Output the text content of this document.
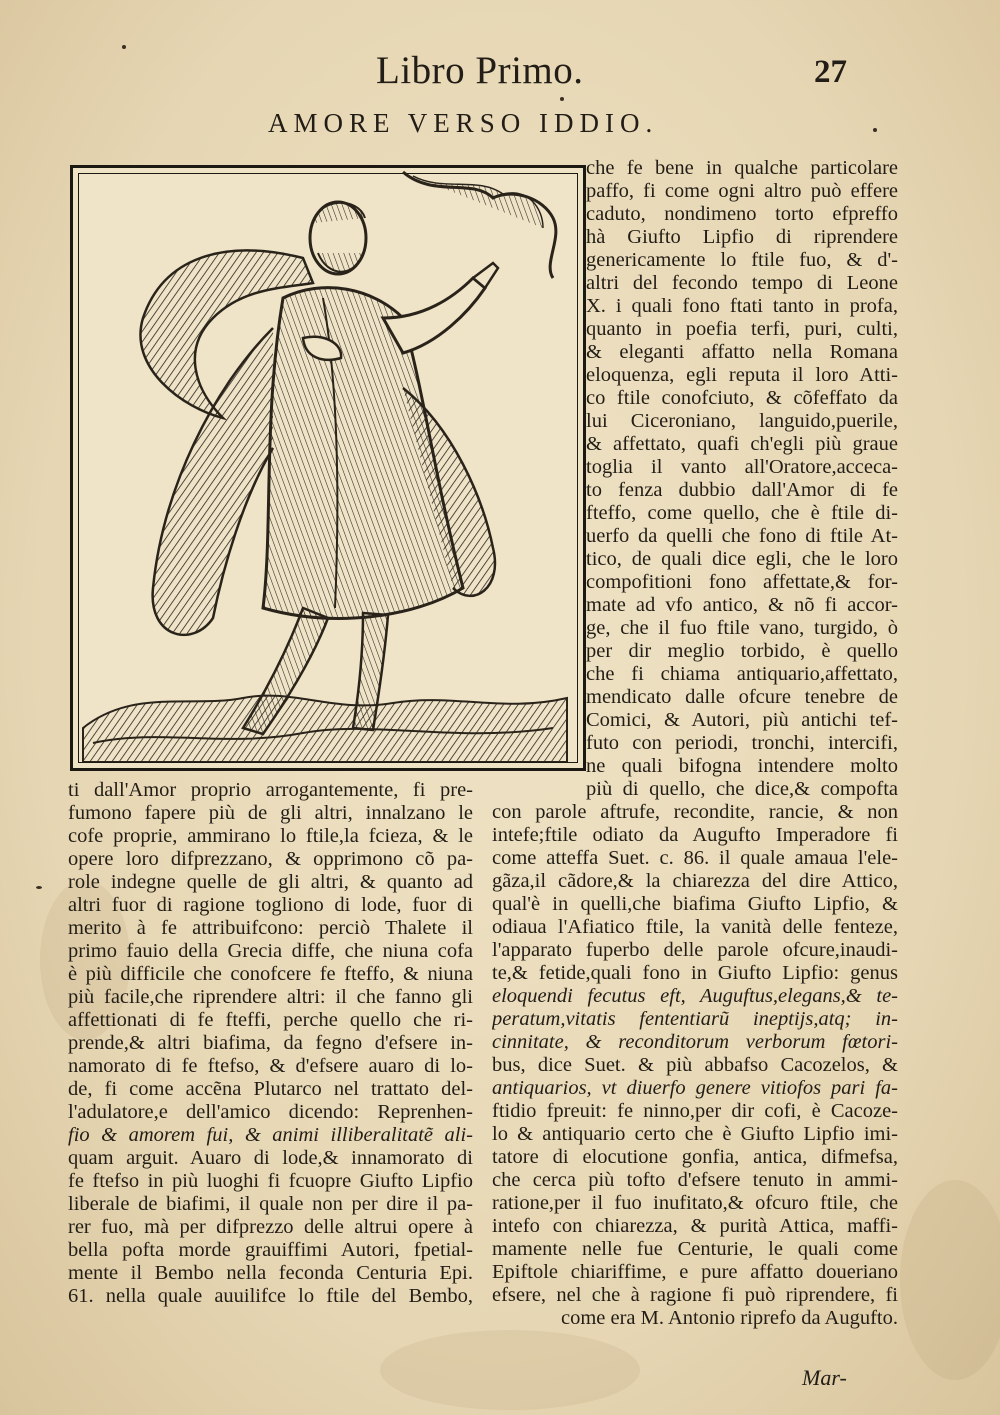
Libro Primo.	27
AMORE VERSO IDDIO.
che fe bene in qualche particolare
paffo, fi come ogni altro può effere
caduto, nondimeno torto efpreffo
hà Giufto Lipfio di riprendere
genericamente lo ftile fuo, & d'-
altri del fecondo tempo di Leone
X. i quali fono ftati tanto in profa,
quanto in poefia terfi, puri, culti,
& eleganti affatto nella Romana
eloquenza, egli reputa il loro Atti-
co ftile conofciuto, & cõfeffato da
lui Ciceroniano, languido,puerile,
& affettato, quafi ch'egli più graue
toglia il vanto all'Oratore,acceca-
to fenza dubbio dall'Amor di fe
fteffo, come quello, che è ftile di-
uerfo da quelli che fono di ftile At-
tico, de quali dice egli, che le loro
compofitioni fono affettate,& for-
mate ad vfo antico, & nõ fi accor-
ge, che il fuo ftile vano, turgido, ò
per dir meglio torbido, è quello
che fi chiama antiquario,affettato,
mendicato dalle ofcure tenebre de
Comici, & Autori, più antichi tef-
futo con periodi, tronchi, intercifi,
ne quali bifogna intendere molto
più di quello, che dice,& compofta
ti dall'Amor proprio arrogantemente, fi pre-
fumono fapere più de gli altri, innalzano le
cofe proprie, ammirano lo ftile,la fcieza, & le
opere loro difprezzano, & opprimono cõ pa-
role indegne quelle de gli altri, & quanto ad
altri fuor di ragione togliono di lode, fuor di
merito à fe attribuifcono: perciò Thalete il
primo fauio della Grecia diffe, che niuna cofa
è più difficile che conofcere fe fteffo, & niuna
più facile,che riprendere altri: il che fanno gli
affettionati di fe fteffi, perche quello che ri-
prende,& altri biafima, da fegno d'efsere in-
namorato di fe ftefso, & d'efsere auaro di lo-
de, fi come accẽna Plutarco nel trattato del-
l'adulatore,e dell'amico dicendo: Reprenhen-
fio & amorem fui, & animi illiberalitatẽ ali-
quam arguit. Auaro di lode,& innamorato di
fe ftefso in più luoghi fi fcuopre Giufto Lipfio
liberale de biafimi, il quale non per dire il pa-
rer fuo, mà per difprezzo delle altrui opere à
bella pofta morde grauiffimi Autori, fpetial-
mente il Bembo nella feconda Centuria Epi.
61. nella quale auuilifce lo ftile del Bembo,
con parole aftrufe, recondite, rancie, & non
intefe;ftile odiato da Augufto Imperadore fi
come atteffa Suet. c. 86. il quale amaua l'ele-
gãza,il cãdore,& la chiarezza del dire Attico,
qual'è in quelli,che biafima Giufto Lipfio, &
odiaua l'Afiatico ftile, la vanità delle fenteze,
l'apparato fuperbo delle parole ofcure,inaudi-
te,& fetide,quali fono in Giufto Lipfio: genus
eloquendi fecutus eft, Auguftus,elegans,& te-
peratum,vitatis fententiarũ ineptijs,atq; in-
cinnitate, & reconditorum verborum fœtori-
bus, dice Suet. & più abbafso Cacozelos, &
antiquarios, vt diuerfo genere vitiofos pari fa-
ftidio fpreuit: fe ninno,per dir cofi, è Cacoze-
lo & antiquario certo che è Giufto Lipfio imi-
tatore di elocutione gonfia, antica, difmefsa,
che cerca più tofto d'efsere tenuto in ammi-
ratione,per il fuo inufitato,& ofcuro ftile, che
intefo con chiarezza, & purità Attica, maffi-
mamente nelle fue Centurie, le quali come
Epiftole chiariffime, e pure affatto doueriano
efsere, nel che à ragione fi può riprendere, fi
come era M. Antonio riprefo da Augufto.
Mar-
